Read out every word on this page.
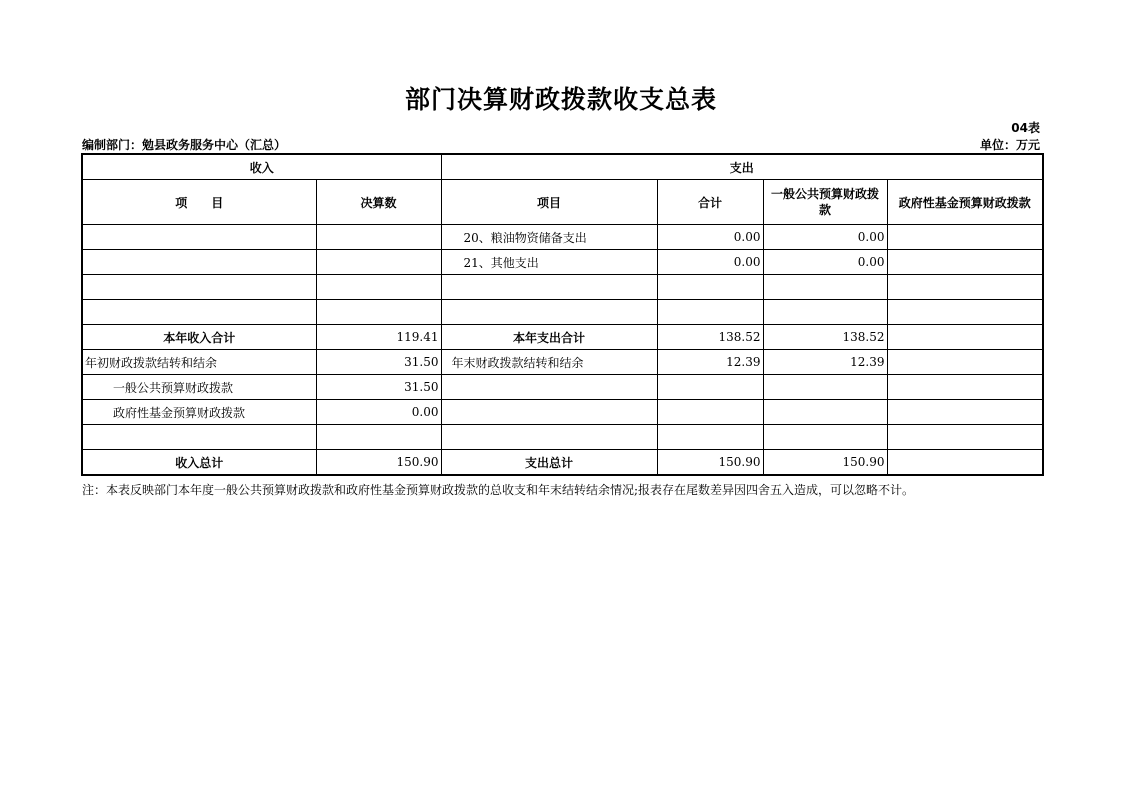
部门决算财政拨款收支总表
04表
编制部门：勉县政务服务中心（汇总）	单位：万元
收入		支出			
项　　目	决算数	项目	合计	一般公共预算财政拨款	政府性基金预算财政拨款
		20、粮油物资储备支出	0.00	0.00	
		21、其他支出	0.00	0.00	

本年收入合计	119.41	本年支出合计	138.52	138.52	
年初财政拨款结转和结余	31.50	年末财政拨款结转和结余	12.39	12.39	
一般公共预算财政拨款	31.50				
政府性基金预算财政拨款	0.00				

收入总计	150.90	支出总计	150.90	150.90	
注：本表反映部门本年度一般公共预算财政拨款和政府性基金预算财政拨款的总收支和年末结转结余情况;报表存在尾数差异因四舍五入造成，可以忽略不计。
